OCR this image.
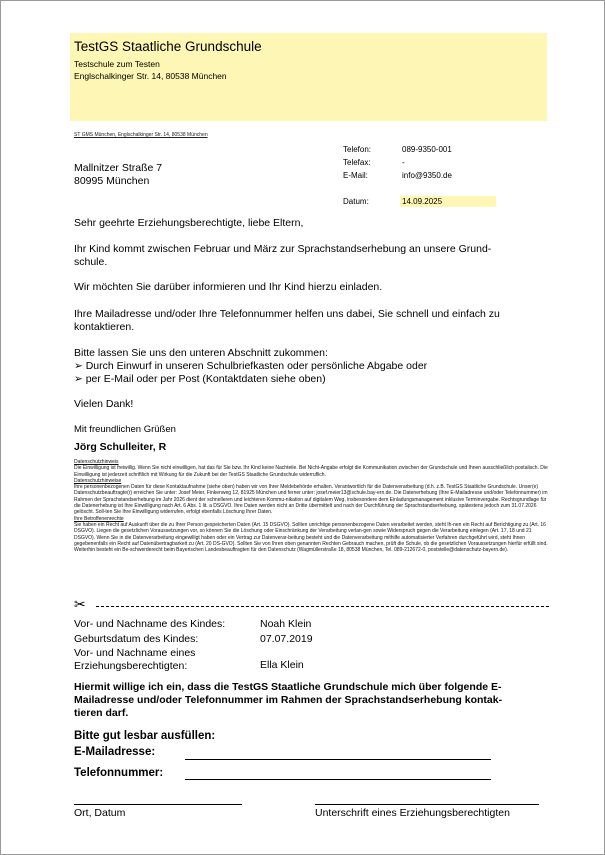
TestGS Staatliche Grundschule
Testschule zum Testen
Englschalkinger Str. 14, 80538 München
ST GMS München, Englschalkinger Str. 14, 80538 München
Telefon:	089-9350-001
Telefax:	-
E-Mail:	info@9350.de
Datum:	14.09.2025
Mallnitzer Straße 7
80995 München
Sehr geehrte Erziehungsberechtigte, liebe Eltern,
Ihr Kind kommt zwischen Februar und März zur Sprachstandserhebung an unsere Grund-
schule.
Wir möchten Sie darüber informieren und Ihr Kind hierzu einladen.
Ihre Mailadresse und/oder Ihre Telefonnummer helfen uns dabei, Sie schnell und einfach zu
kontaktieren.
Bitte lassen Sie uns den unteren Abschnitt zukommen:
➢ Durch Einwurf in unseren Schulbriefkasten oder persönliche Abgabe oder
➢ per E-Mail oder per Post (Kontaktdaten siehe oben)
Vielen Dank!
Mit freundlichen Grüßen
Jörg Schulleiter, R
Datenschutzhinweis
Die Einwilligung ist freiwillig. Wenn Sie nicht einwilligen, hat das für Sie bzw. Ihr Kind keine Nachteile. Bei Nicht-Angabe erfolgt die Kommunikation zwischen der Grundschule und Ihnen ausschließlich postalisch. Die Einwilligung ist jederzeit schriftlich mit Wirkung für die Zukunft bei der TestGS Staatliche Grundschule widerruflich.
Datenschutzhinweise
Ihre personenbezogenen Daten für diese Kontaktaufnahme (siehe oben) haben wir von Ihrer Meldebehörde erhalten. Verantwortlich für die Datenverarbeitung (d.h. z.B. TestGS Staatliche Grundschule. Unser(e) Datenschutzbeauftragte(r) erreichen Sie unter: Josef Meier, Finkenweg 12, 81925 München und ferner unter: josef.meier13@schule.bay-ern.de. Die Datenerhebung (Ihre E-Mailadresse und/oder Telefonnummer) im Rahmen der Sprachstandserhebung im Jahr 2026 dient der schnelleren und leichteren Kommu-nikation auf digitalem Weg, insbesondere dem Einladungsmanagement inklusive Terminvergabe. Rechtsgrundlage für die Datenerhebung ist Ihre Einwilligung nach Art. 6 Abs. 1 lit. a DSGVO. Ihre Daten werden nicht an Dritte übermittelt und nach der Durchführung der Sprachstandserhebung, spätestens jedoch zum 31.07.2026 gelöscht. Soll-ten Sie Ihre Einwilligung widerrufen, erfolgt ebenfalls Löschung Ihrer Daten.
Ihre Betroffenenrechte
Sie haben ein Recht auf Auskunft über die zu Ihrer Person gespeicherten Daten (Art. 15 DSGVO). Sollten unrichtige personenbezogene Daten verarbeitet werden, steht Ih-nen ein Recht auf Berichtigung zu (Art. 16 DSGVO). Liegen die gesetzlichen Voraussetzungen vor, so können Sie die Löschung oder Einschränkung der Verarbeitung verlan-gen sowie Widerspruch gegen die Verarbeitung einlegen (Art. 17, 18 und 21 DSGVO). Wenn Sie in die Datenverarbeitung eingewilligt haben oder ein Vertrag zur Datenverar-beitung besteht und die Datenverarbeitung mithilfe automatisierter Verfahren durchgeführt wird, steht Ihnen gegebenenfalls ein Recht auf Datenübertragbarkeit zu (Art. 20 DS-GVO). Sollten Sie von Ihren oben genannten Rechten Gebrauch machen, prüft die Schule, ob die gesetzlichen Voraussetzungen hierfür erfüllt sind. Weiterhin besteht ein Be-schwerderecht beim Bayerischen Landesbeauftragten für den Datenschutz (Wagmüllerstraße 18, 80538 München, Tel. 089-212672-0, poststelle@datenschutz-bayern.de).
✂
Vor- und Nachname des Kindes:	Noah Klein
Geburtsdatum des Kindes:	07.07.2019
Vor- und Nachname eines
Erziehungsberechtigten:	Ella Klein
Hiermit willige ich ein, dass die TestGS Staatliche Grundschule mich über folgende E-
Mailadresse und/oder Telefonnummer im Rahmen der Sprachstandserhebung kontak-
tieren darf.
Bitte gut lesbar ausfüllen:
E-Mailadresse:
Telefonnummer:
Ort, Datum	Unterschrift eines Erziehungsberechtigten
